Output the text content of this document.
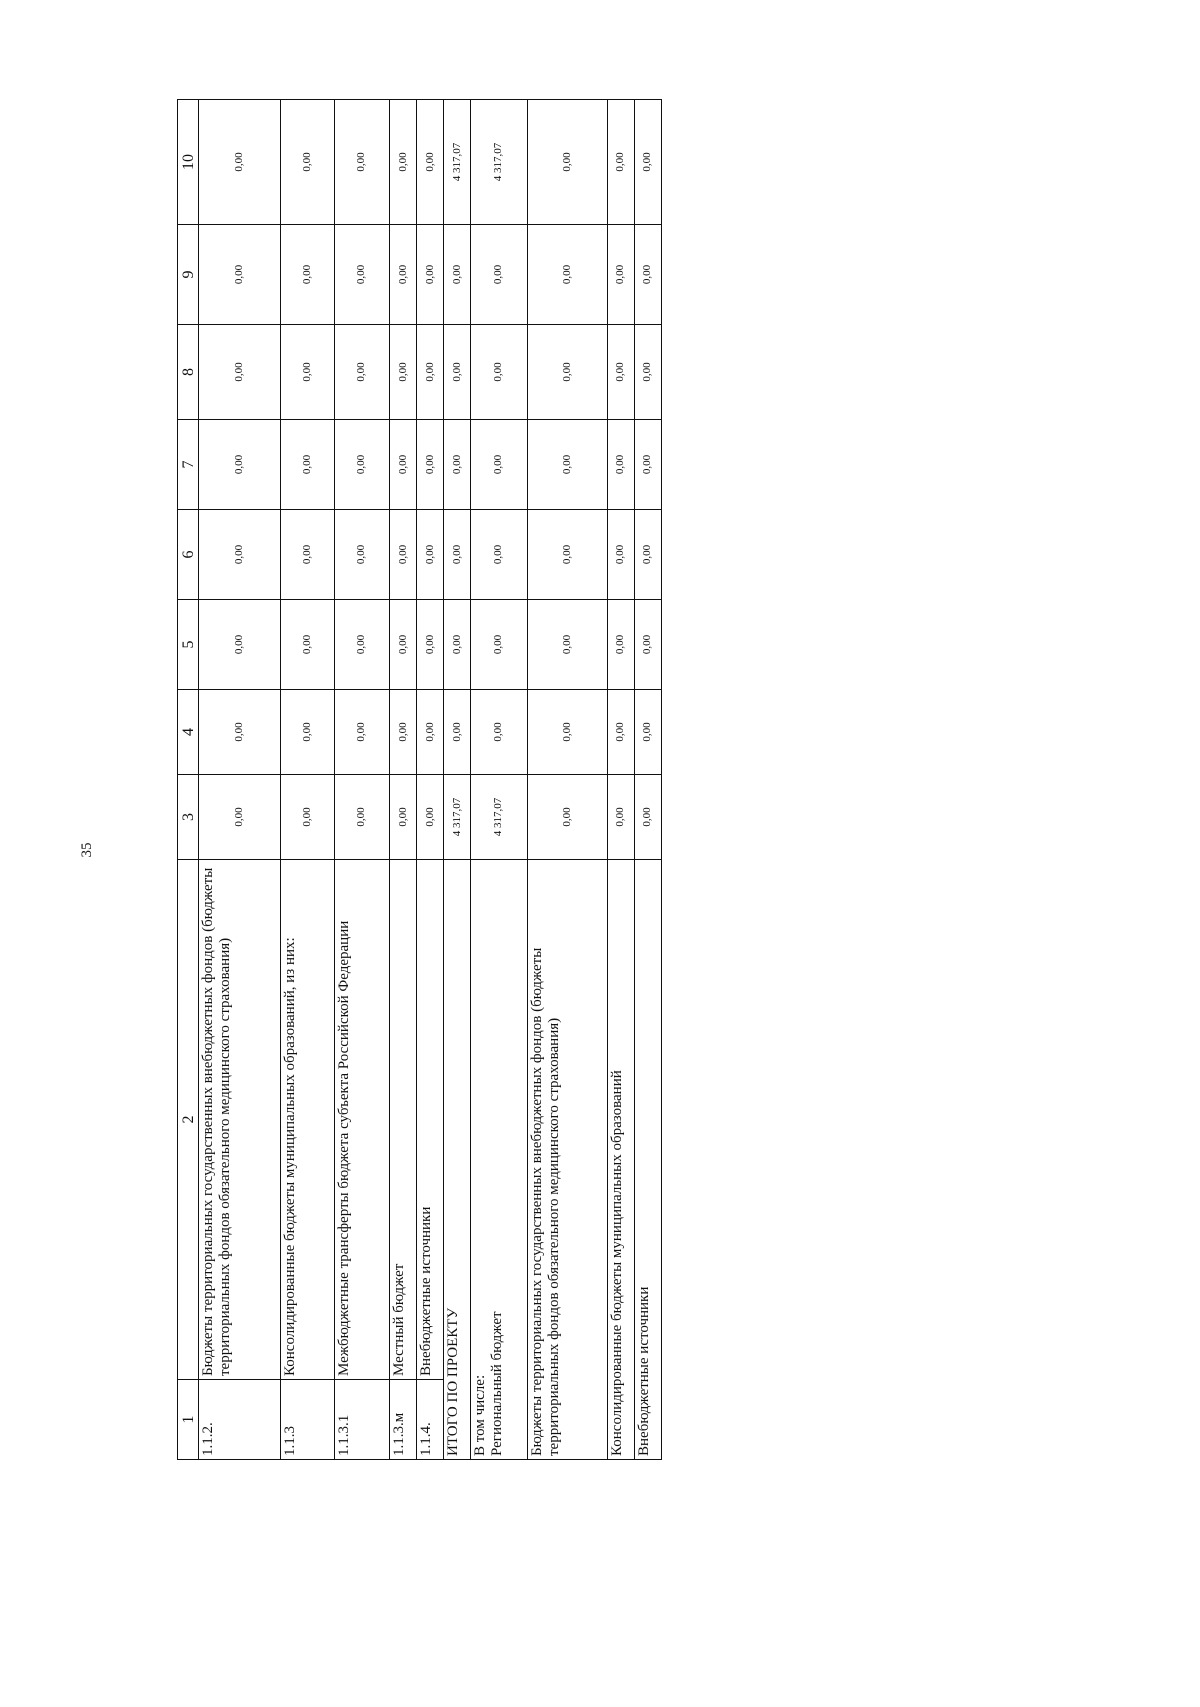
35
1	2	3	4	5	6	7	8	9	10
1.1.2.	Бюджеты территориальных государственных внебюджетных фондов (бюджеты территориальных фондов обязательного медицинского страхования)	0,00	0,00	0,00	0,00	0,00	0,00	0,00	0,00
1.1.3	Консолидированные бюджеты муниципальных образований, из них:	0,00	0,00	0,00	0,00	0,00	0,00	0,00	0,00
1.1.3.1	Межбюджетные трансферты бюджета субъекта Российской Федерации	0,00	0,00	0,00	0,00	0,00	0,00	0,00	0,00
1.1.3.м	Местный бюджет	0,00	0,00	0,00	0,00	0,00	0,00	0,00	0,00
1.1.4.	Внебюджетные источники	0,00	0,00	0,00	0,00	0,00	0,00	0,00	0,00
ИТОГО ПО ПРОЕКТУ		4 317,07	0,00	0,00	0,00	0,00	0,00	0,00	4 317,07

В том числе: Региональный бюджет		4 317,07	0,00	0,00	0,00	0,00	0,00	0,00	4 317,07
Бюджеты территориальных государственных внебюджетных фондов (бюджеты территориальных фондов обязательного медицинского страхования)		0,00	0,00	0,00	0,00	0,00	0,00	0,00	0,00
Консолидированные бюджеты муниципальных образований		0,00	0,00	0,00	0,00	0,00	0,00	0,00	0,00
Внебюджетные источники		0,00	0,00	0,00	0,00	0,00	0,00	0,00	0,00
